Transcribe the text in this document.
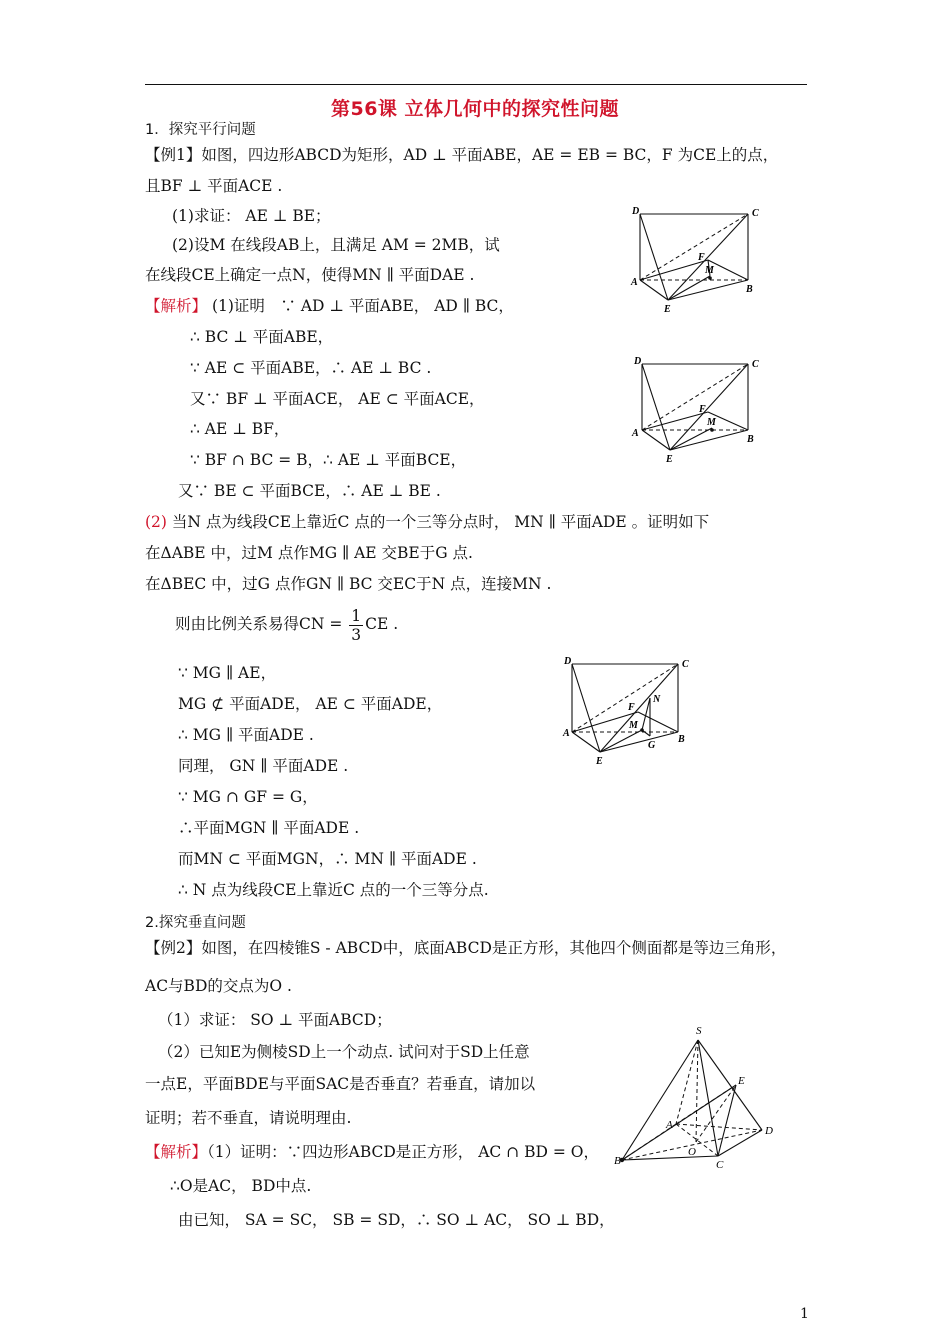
第56课 立体几何中的探究性问题
1．探究平行问题
【例1】如图，四边形ABCD为矩形，AD ⊥ 平面ABE，AE = EB = BC，F 为CE上的点，
且BF ⊥ 平面ACE .
(1)求证： AE ⊥ BE；
(2)设M 在线段AB上，且满足 AM = 2MB，试
在线段CE上确定一点N，使得MN ∥ 平面DAE .
【解析】 (1)证明　∵ AD ⊥ 平面ABE， AD ∥ BC，
∴ BC ⊥ 平面ABE，
∵ AE ⊂ 平面ABE，∴ AE ⊥ BC .
又∵ BF ⊥ 平面ACE， AE ⊂ 平面ACE，
∴ AE ⊥ BF，
∵ BF ∩ BC = B，∴ AE ⊥ 平面BCE，
又∵ BE ⊂ 平面BCE，∴ AE ⊥ BE .
(2) 当N 点为线段CE上靠近C 点的一个三等分点时， MN ∥ 平面ADE 。证明如下
在ΔABE 中，过M 点作MG ∥ AE 交BE于G 点.
在ΔBEC 中，过G 点作GN ∥ BC 交EC于N 点，连接MN .
则由比例关系易得CN = $\frac{1}{3}$ CE .
∵ MG ∥ AE，
MG ⊄ 平面ADE， AE ⊂ 平面ADE，
∴ MG ∥ 平面ADE .
同理， GN ∥ 平面ADE .
∵ MG ∩ GF = G，
∴平面MGN ∥ 平面ADE .
而MN ⊂ 平面MGN，∴ MN ∥ 平面ADE .
∴ N 点为线段CE上靠近C 点的一个三等分点.
2.探究垂直问题
【例2】如图，在四棱锥S - ABCD中，底面ABCD是正方形，其他四个侧面都是等边三角形，
AC与BD的交点为O .
（1）求证： SO ⊥ 平面ABCD；
（2）已知E为侧棱SD上一个动点. 试问对于SD上任意
一点E，平面BDE与平面SAC是否垂直？若垂直，请加以
证明；若不垂直，请说明理由.
【解析】（1）证明：∵四边形ABCD是正方形， AC ∩ BD = O，
∴O是AC， BD中点.
由已知， SA = SC， SB = SD，∴ SO ⊥ AC， SO ⊥ BD，
D	C
A
B
E
F
M
D	C
A
B
E
F
M
D	C
A
B
E
F
M
N
G
S
E
A	D
O
B	C
1
